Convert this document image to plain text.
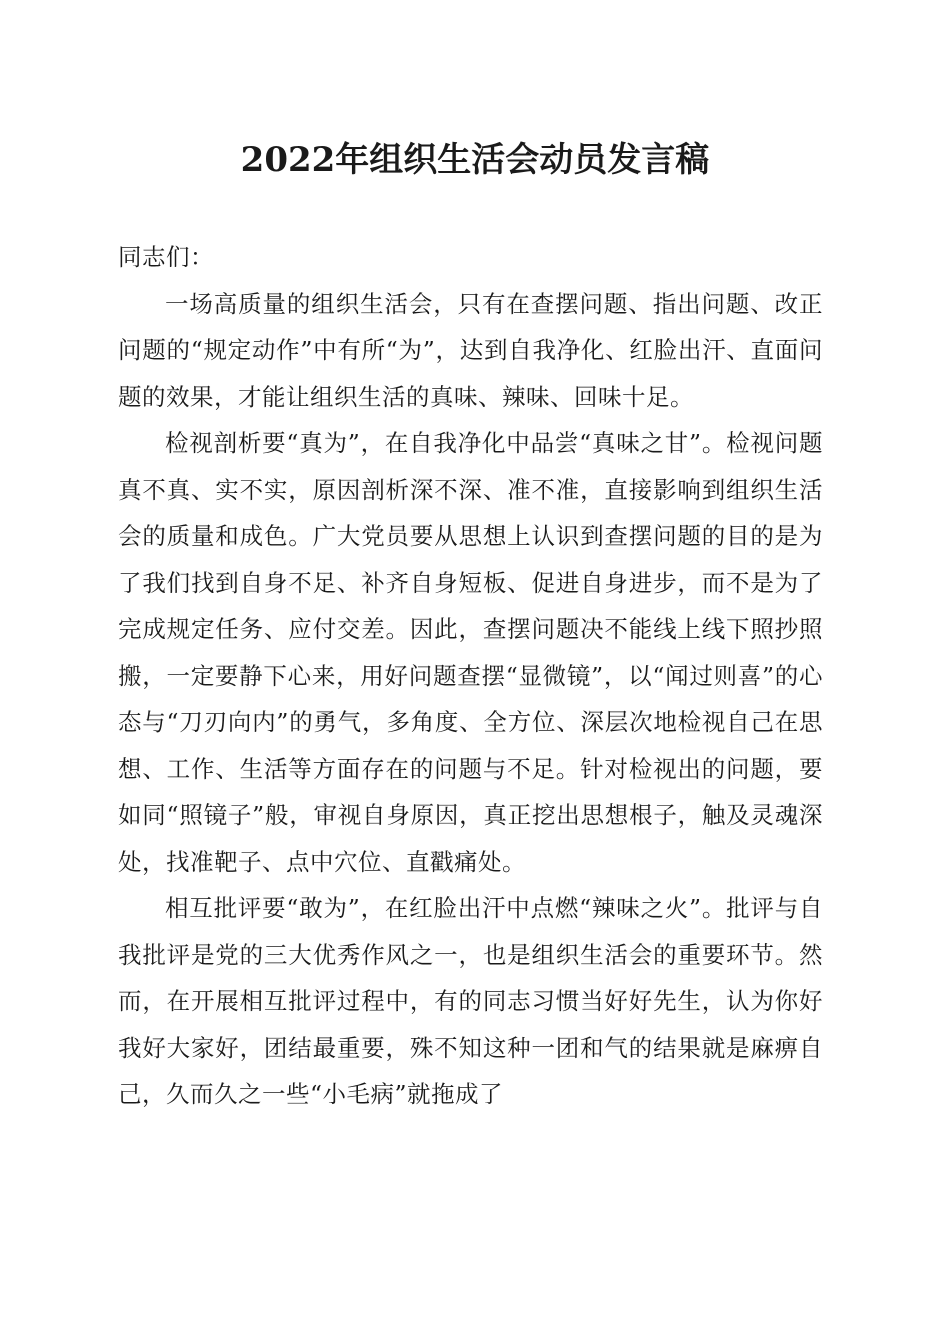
2022年组织生活会动员发言稿

同志们：

一场高质量的组织生活会，只有在查摆问题、指出问题、改正问题的“规定动作”中有所“为”，达到自我净化、红脸出汗、直面问题的效果，才能让组织生活的真味、辣味、回味十足。

检视剖析要“真为”，在自我净化中品尝“真味之甘”。检视问题真不真、实不实，原因剖析深不深、准不准，直接影响到组织生活会的质量和成色。广大党员要从思想上认识到查摆问题的目的是为了我们找到自身不足、补齐自身短板、促进自身进步，而不是为了完成规定任务、应付交差。因此，查摆问题决不能线上线下照抄照搬，一定要静下心来，用好问题查摆“显微镜”，以“闻过则喜”的心态与“刀刃向内”的勇气，多角度、全方位、深层次地检视自己在思想、工作、生活等方面存在的问题与不足。针对检视出的问题，要如同“照镜子”般，审视自身原因，真正挖出思想根子，触及灵魂深处，找准靶子、点中穴位、直戳痛处。

相互批评要“敢为”，在红脸出汗中点燃“辣味之火”。批评与自我批评是党的三大优秀作风之一，也是组织生活会的重要环节。然而，在开展相互批评过程中，有的同志习惯当好好先生，认为你好我好大家好，团结最重要，殊不知这种一团和气的结果就是麻痹自己，久而久之一些“小毛病”就拖成了
